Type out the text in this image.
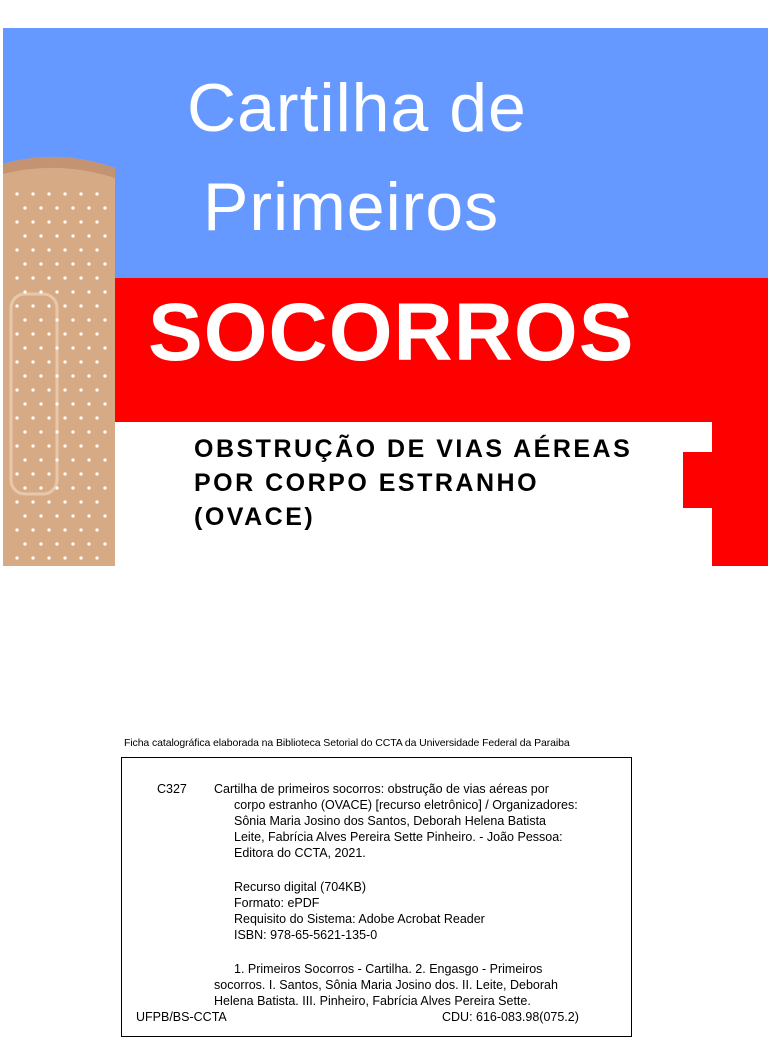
Cartilha de
Primeiros
SOCORROS
OBSTRUÇÃO DE VIAS AÉREAS
POR CORPO ESTRANHO
(OVACE)
Ficha catalográfica elaborada na Biblioteca Setorial do CCTA da Universidade Federal da Paraiba
C327 Cartilha de primeiros socorros: obstrução de vias aéreas por
corpo estranho (OVACE) [recurso eletrônico] / Organizadores:
Sônia Maria Josino dos Santos, Deborah Helena Batista
Leite, Fabrícia Alves Pereira Sette Pinheiro. - João Pessoa:
Editora do CCTA, 2021.
Recurso digital (704KB)
Formato: ePDF
Requisito do Sistema: Adobe Acrobat Reader
ISBN: 978-65-5621-135-0
1. Primeiros Socorros - Cartilha. 2. Engasgo - Primeiros
socorros. I. Santos, Sônia Maria Josino dos. II. Leite, Deborah
Helena Batista. III. Pinheiro, Fabrícia Alves Pereira Sette.
UFPB/BS-CCTA	CDU: 616-083.98(075.2)
